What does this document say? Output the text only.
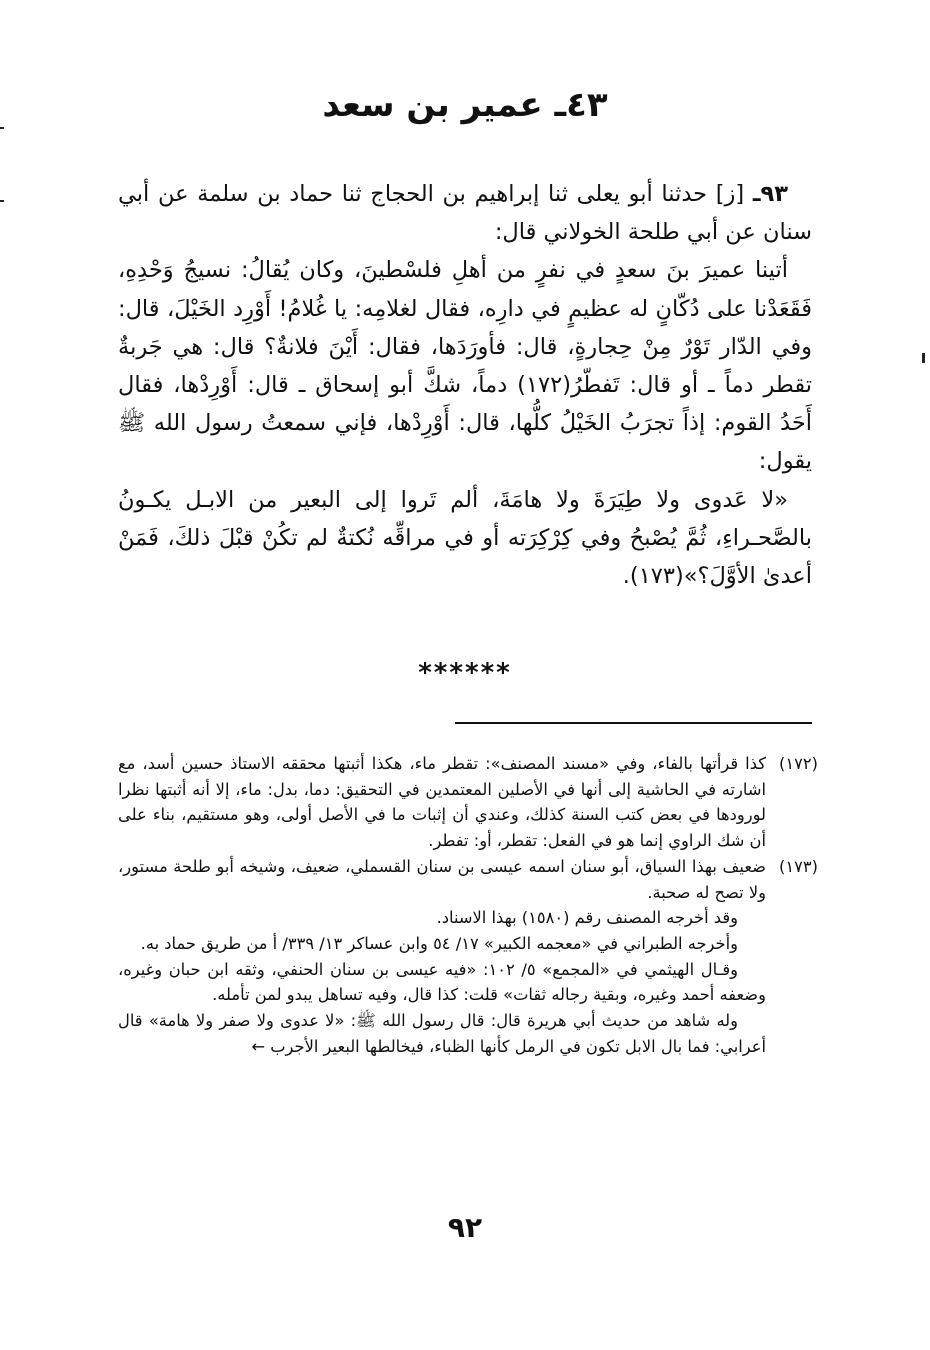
٤٣ـ عمير بن سعد

٩٣ـ [ز] حدثنا أبو يعلى ثنا إبراهيم بن الحجاج ثنا حماد بن سلمة عن أبي سنان عن أبي طلحة الخولاني قال:

أتينا عميرَ بنَ سعدٍ في نفرٍ من أهلِ فلسْطينَ، وكان يُقالُ: نسيجُ وَحْدِهِ، فَقَعَدْنا على دُكّانٍ له عظيمٍ في دارِه، فقال لغلامِه: يا غُلامُ! أَوْرِد الخَيْلَ، قال: وفي الدّار تَوْرٌ مِنْ حِجارةٍ، قال: فأورَدَها، فقال: أَيْنَ فلانةٌ؟ قال: هي جَربةٌ تقطر دماً ـ أو قال: تَفطّرُ(١٧٢) دماً، شكَّ أبو إسحاق ـ قال: أَوْرِدْها، فقال أَحَدُ القوم: إذاً تجرَبُ الخَيْلُ كلُّها، قال: أَوْرِدْها، فإني سمعتُ رسول الله ﷺ يقول:

«لا عَدوى ولا طِيَرَةَ ولا هامَةَ، ألم تَروا إلى البعير من الابـل يكـونُ بالصَّحـراءِ، ثُمَّ يُصْبحُ وفي كِرْكِرَته أو في مراقِّه نُكتةٌ لم تكُنْ قبْلَ ذلكَ، فَمَنْ أعدىٰ الأوَّلَ؟»(١٧٣).

******
(١٧٢)

كذا قرأتها بالفاء، وفي «مسند المصنف»: تقطر ماء، هكذا أثبتها محققه الاستاذ حسين أسد، مع اشارته في الحاشية إلى أنها في الأصلين المعتمدين في التحقيق: دما، بدل: ماء، إلا أنه أثبتها نظرا لورودها في بعض كتب السنة كذلك، وعندي أن إثبات ما في الأصل أولى، وهو مستقيم، بناء على أن شك الراوي إنما هو في الفعل: تقطر، أو: تفطر.

(١٧٣)

ضعيف بهذا السياق، أبو سنان اسمه عيسى بن سنان القسملي، ضعيف، وشيخه أبو طلحة مستور، ولا تصح له صحبة.

وقد أخرجه المصنف رقم (١٥٨٠) بهذا الاسناد.

وأخرجه الطبراني في «معجمه الكبير» ١٧/ ٥٤ وابن عساكر ١٣/ ٣٣٩/ أ من طريق حماد به.

وقـال الهيثمي في «المجمع» ٥/ ١٠٢: «فيه عيسى بن سنان الحنفي، وثقه ابن حبان وغيره، وضعفه أحمد وغيره، وبقية رجاله ثقات» قلت: كذا قال، وفيه تساهل يبدو لمن تأمله.

وله شاهد من حديث أبي هريرة قال: قال رسول الله ﷺ: «لا عدوى ولا صفر ولا هامة» قال أعرابي: فما بال الابل تكون في الرمل كأنها الظباء، فيخالطها البعير الأجرب ←

٩٢
